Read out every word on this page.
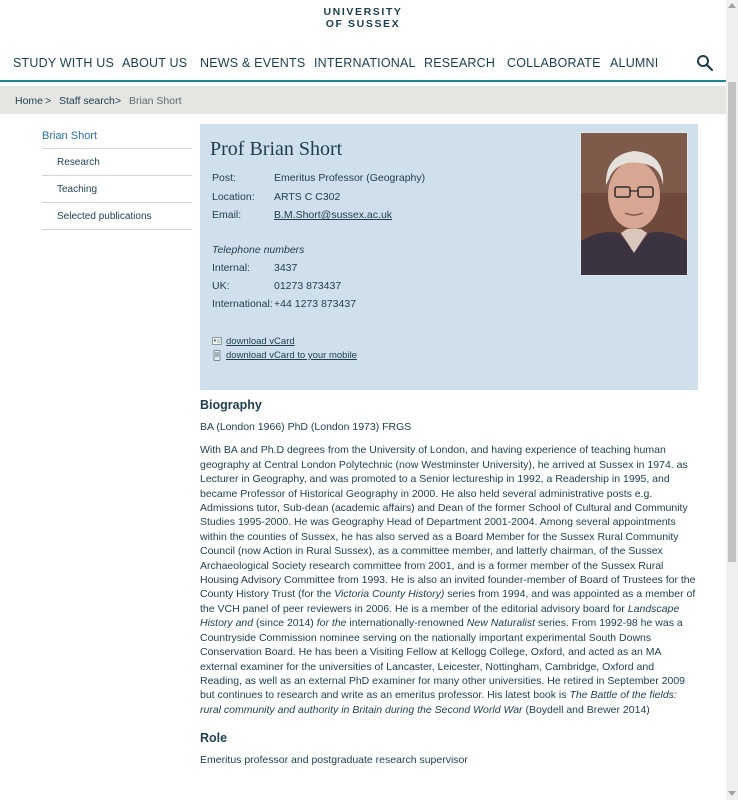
UNIVERSITY
OF SUSSEX
STUDY WITH US ABOUT US NEWS & EVENTS INTERNATIONAL RESEARCH COLLABORATE ALUMNI
Home > Staff search > Brian Short
Brian Short
Research
Teaching
Selected publications
Prof Brian Short
Post:	Emeritus Professor (Geography)
Location: ARTS C C302
Email:	B.M.Short@sussex.ac.uk
Telephone numbers
Internal: 3437
UK:	01273 873437
International: +44 1273 873437
download vCard
download vCard to your mobile
Biography
BA (London 1966) PhD (London 1973) FRGS
With BA and Ph.D degrees from the University of London, and having experience of teaching human geography at Central London Polytechnic (now Westminster University), he arrived at Sussex in 1974. as Lecturer in Geography, and was promoted to a Senior lectureship in 1992, a Readership in 1995, and became Professor of Historical Geography in 2000. He also held several administrative posts e.g. Admissions tutor, Sub-dean (academic affairs) and Dean of the former School of Cultural and Community Studies 1995-2000. He was Geography Head of Department 2001-2004. Among several appointments within the counties of Sussex, he has also served as a Board Member for the Sussex Rural Community Council (now Action in Rural Sussex), as a committee member, and latterly chairman, of the Sussex Archaeological Society research committee from 2001, and is a former member of the Sussex Rural Housing Advisory Committee from 1993. He is also an invited founder-member of Board of Trustees for the County History Trust (for the Victoria County History) series from 1994, and was appointed as a member of the VCH panel of peer reviewers in 2006. He is a member of the editorial advisory board for Landscape History and (since 2014) for the internationally-renowned New Naturalist series. From 1992-98 he was a Countryside Commission nominee serving on the nationally important experimental South Downs Conservation Board. He has been a Visiting Fellow at Kellogg College, Oxford, and acted as an MA external examiner for the universities of Lancaster, Leicester, Nottingham, Cambridge, Oxford and Reading, as well as an external PhD examiner for many other universities. He retired in September 2009 but continues to research and write as an emeritus professor. His latest book is The Battle of the fields: rural community and authority in Britain during the Second World War (Boydell and Brewer 2014)
Role
Emeritus professor and postgraduate research supervisor
